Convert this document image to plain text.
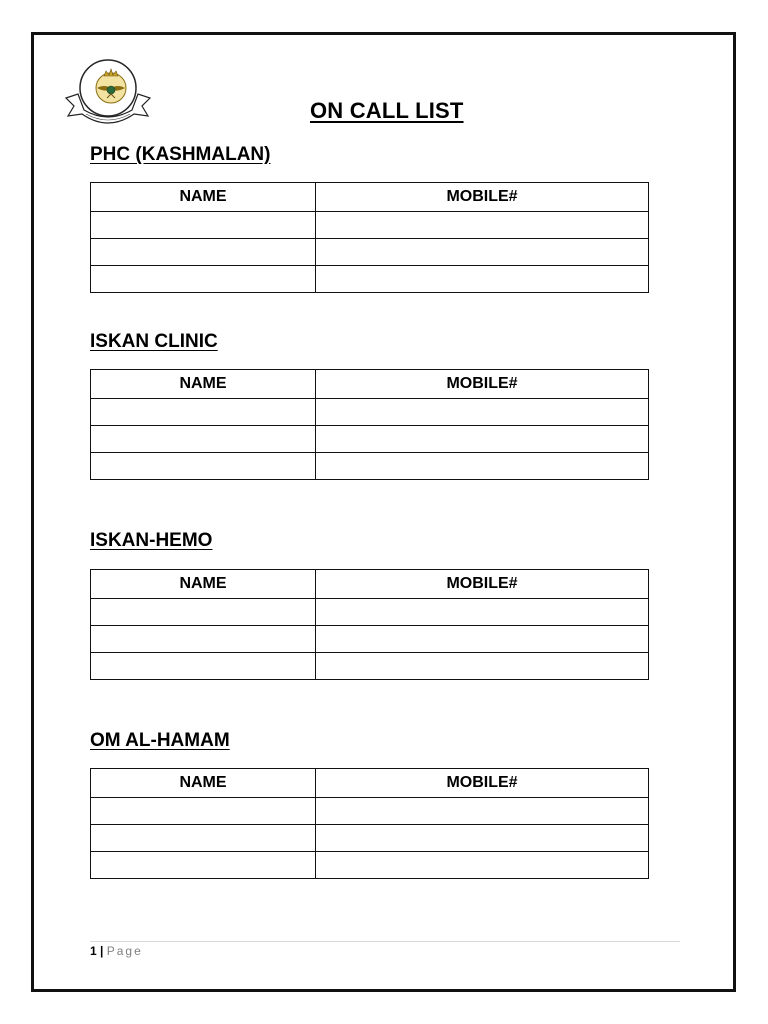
ON CALL LIST
PHC (KASHMALAN)
NAME	MOBILE#

ISKAN CLINIC
NAME	MOBILE#

ISKAN-HEMO
NAME	MOBILE#

OM AL-HAMAM
NAME	MOBILE#

1 | Page
